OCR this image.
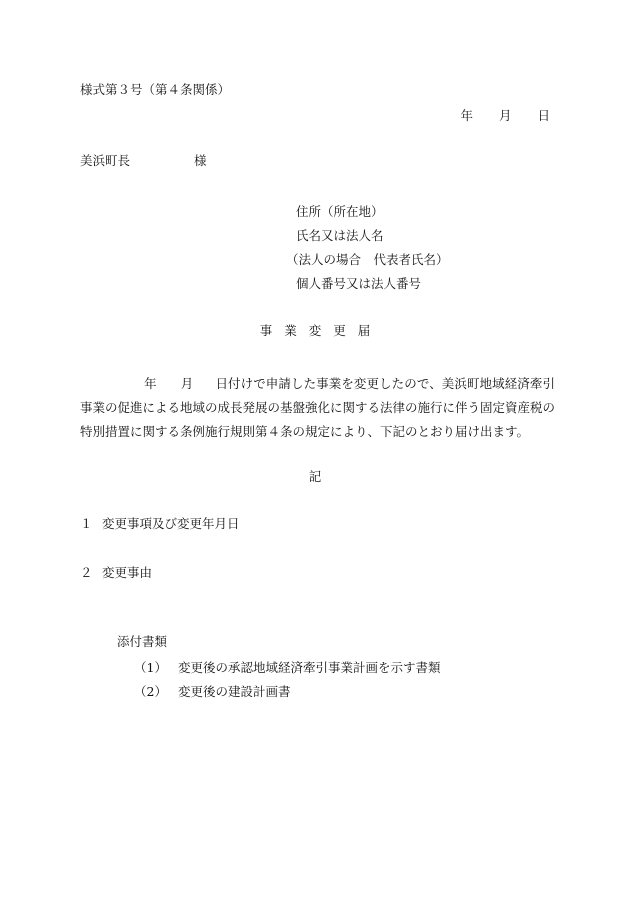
様式第３号（第４条関係）
年 月 日
美浜町長	様
住所（所在地）
氏名又は法人名
（法人の場合　代表者氏名）
個人番号又は法人番号
事 業 変 更 届
年 月 日付けで申請した事業を変更したので、美浜町地域経済牽引事業の促進による地域の成長発展の基盤強化に関する法律の施行に伴う固定資産税の特別措置に関する条例施行規則第４条の規定により、下記のとおり届け出ます。
記
１ 変更事項及び変更年月日
２ 変更事由
添付書類
（1） 変更後の承認地域経済牽引事業計画を示す書類
（2） 変更後の建設計画書
